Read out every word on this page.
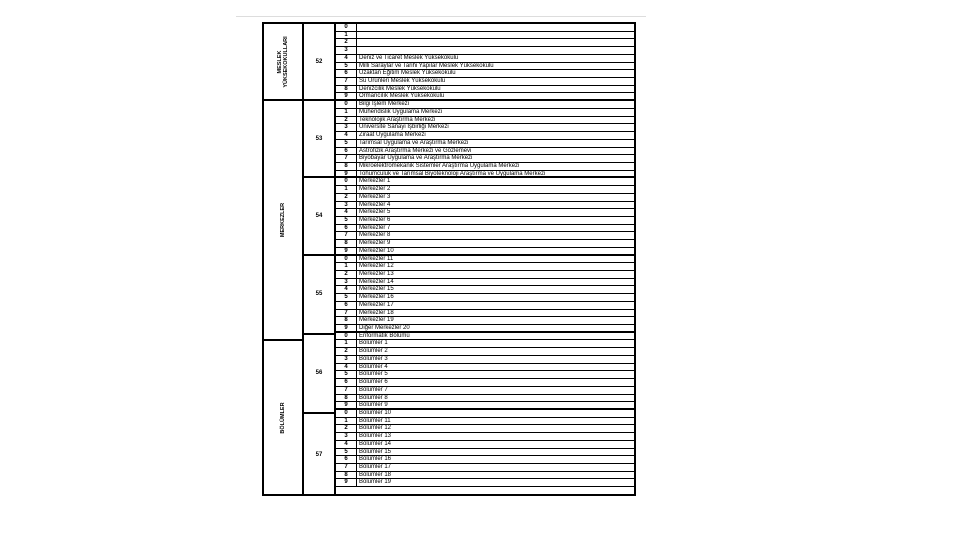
MESLEK
YÜKSEKOKULLARI
MERKEZLER
BÖLÜMLER
52
53
54
55
56
57
0
1
2
3
4
5
6
7
8
9
0
1
2
3
4
5
6
7
8
9
0
1
2
3
4
5
6
7
8
9
0
1
2
3
4
5
6
7
8
9
0
1
2
3
4
5
6
7
8
9
0
1
2
3
4
5
6
7
8
9
Deniz ve Ticaret Meslek Yüksekokulu
Milli Saraylar ve Tarihi Yapılar Meslek Yüksekokulu
Uzaktan Eğitim Meslek Yüksekokulu
Su Ürünleri Meslek Yüksekokulu
Denizcilik Meslek Yüksekokulu
Ormancılık Meslek Yüksekokulu
Bilgi İşlem Merkezi
Mühendislik Uygulama Merkezi
Teknolojik Araştırma Merkezi
Üniversite Sanayi İşbirliği Merkezi
Ziraat Uygulama Merkezi
Tarımsal Uygulama ve Araştırma Merkezi
Astrofizik Araştırma Merkezi ve Gözlemevi
Biyobayar Uygulama ve Araştırma Merkezi
Mikroelektromekanik Sistemler Araştırma Uygulama Merkezi
Tohumculuk ve Tarımsal Biyoteknoloji Araştırma ve Uygulama Merkezi
Merkezler 1
Merkezler 2
Merkezler 3
Merkezler 4
Merkezler 5
Merkezler 6
Merkezler 7
Merkezler 8
Merkezler 9
Merkezler 10
Merkezler 11
Merkezler 12
Merkezler 13
Merkezler 14
Merkezler 15
Merkezler 16
Merkezler 17
Merkezler 18
Merkezler 19
Diğer Merkezler 20
Enformatik Bölümü
Bölümler 1
Bölümler 2
Bölümler 3
Bölümler 4
Bölümler 5
Bölümler 6
Bölümler 7
Bölümler 8
Bölümler 9
Bölümler 10
Bölümler 11
Bölümler 12
Bölümler 13
Bölümler 14
Bölümler 15
Bölümler 16
Bölümler 17
Bölümler 18
Bölümler 19
